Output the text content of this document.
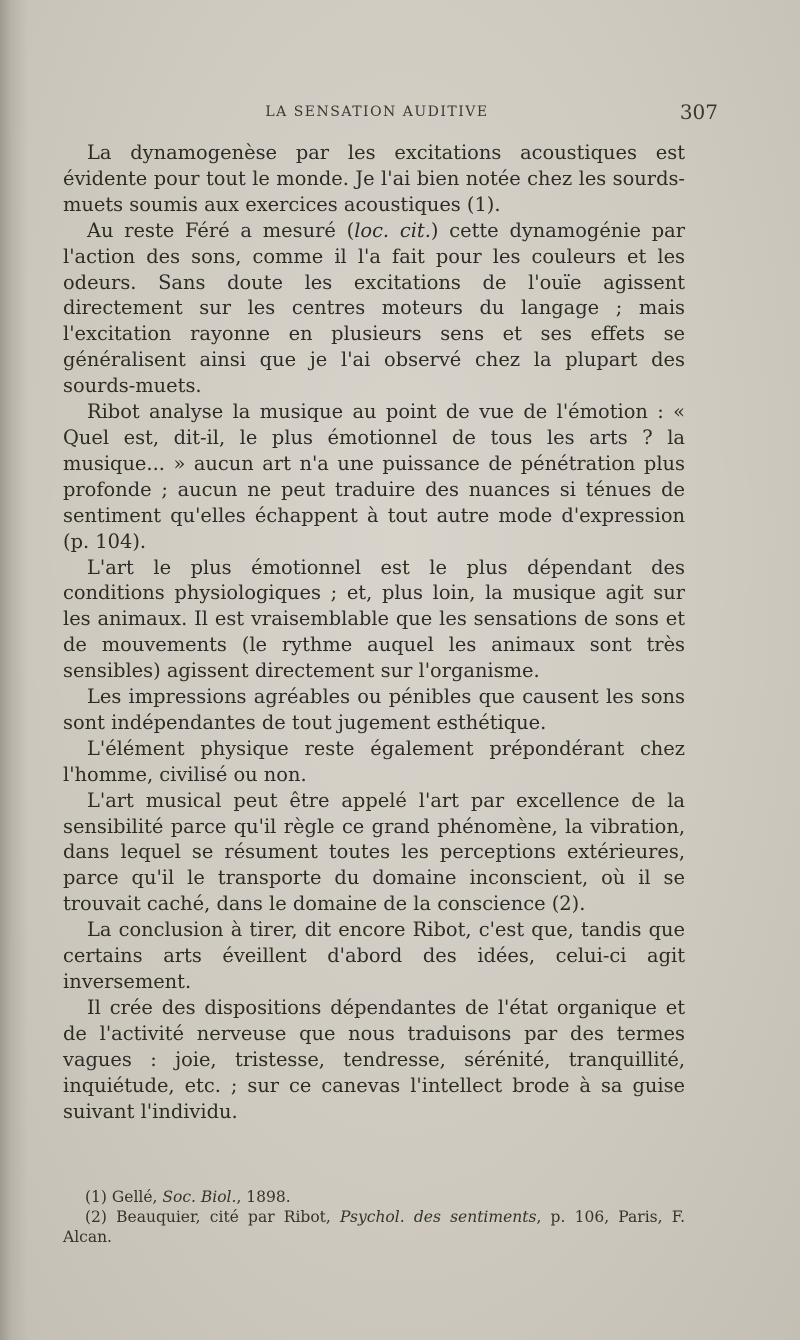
LA SENSATION AUDITIVE	307

La dynamogenèse par les excitations acoustiques est évidente pour tout le monde. Je l'ai bien notée chez les sourds-muets soumis aux exercices acoustiques (1).

Au reste Féré a mesuré (loc. cit.) cette dynamogénie par l'action des sons, comme il l'a fait pour les couleurs et les odeurs. Sans doute les excitations de l'ouïe agissent directement sur les centres moteurs du langage ; mais l'excitation rayonne en plusieurs sens et ses effets se généralisent ainsi que je l'ai observé chez la plupart des sourds-muets.

Ribot analyse la musique au point de vue de l'émotion : « Quel est, dit-il, le plus émotionnel de tous les arts ? la musique... » aucun art n'a une puissance de pénétration plus profonde ; aucun ne peut traduire des nuances si ténues de sentiment qu'elles échappent à tout autre mode d'expression (p. 104).

L'art le plus émotionnel est le plus dépendant des conditions physiologiques ; et, plus loin, la musique agit sur les animaux. Il est vraisemblable que les sensations de sons et de mouvements (le rythme auquel les animaux sont très sensibles) agissent directement sur l'organisme.

Les impressions agréables ou pénibles que causent les sons sont indépendantes de tout jugement esthétique.

L'élément physique reste également prépondérant chez l'homme, civilisé ou non.

L'art musical peut être appelé l'art par excellence de la sensibilité parce qu'il règle ce grand phénomène, la vibration, dans lequel se résument toutes les perceptions extérieures, parce qu'il le transporte du domaine inconscient, où il se trouvait caché, dans le domaine de la conscience (2).

La conclusion à tirer, dit encore Ribot, c'est que, tandis que certains arts éveillent d'abord des idées, celui-ci agit inversement.

Il crée des dispositions dépendantes de l'état organique et de l'activité nerveuse que nous traduisons par des termes vagues : joie, tristesse, tendresse, sérénité, tranquillité, inquiétude, etc. ; sur ce canevas l'intellect brode à sa guise suivant l'individu.

(1) Gellé, Soc. Biol., 1898.

(2) Beauquier, cité par Ribot, Psychol. des sentiments, p. 106, Paris, F. Alcan.
